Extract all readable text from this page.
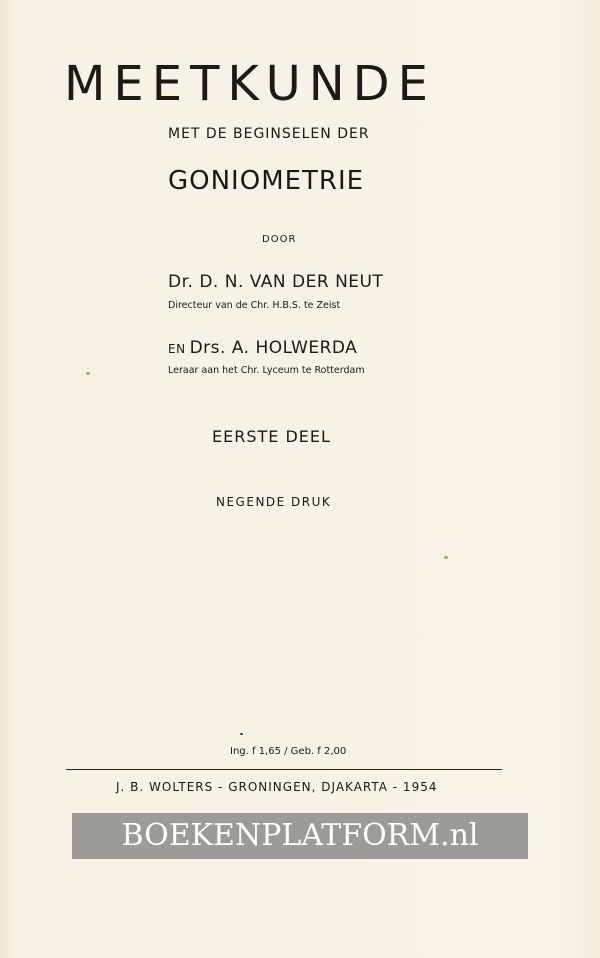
MEETKUNDE
MET DE BEGINSELEN DER
GONIOMETRIE
DOOR
Dr. D. N. VAN DER NEUT
Directeur van de Chr. H.B.S. te Zeist
EN Drs. A. HOLWERDA
Leraar aan het Chr. Lyceum te Rotterdam
EERSTE DEEL
NEGENDE DRUK
Ing. f 1,65 / Geb. f 2,00
J. B. WOLTERS - GRONINGEN, DJAKARTA - 1954
BOEKENPLATFORM.nl
